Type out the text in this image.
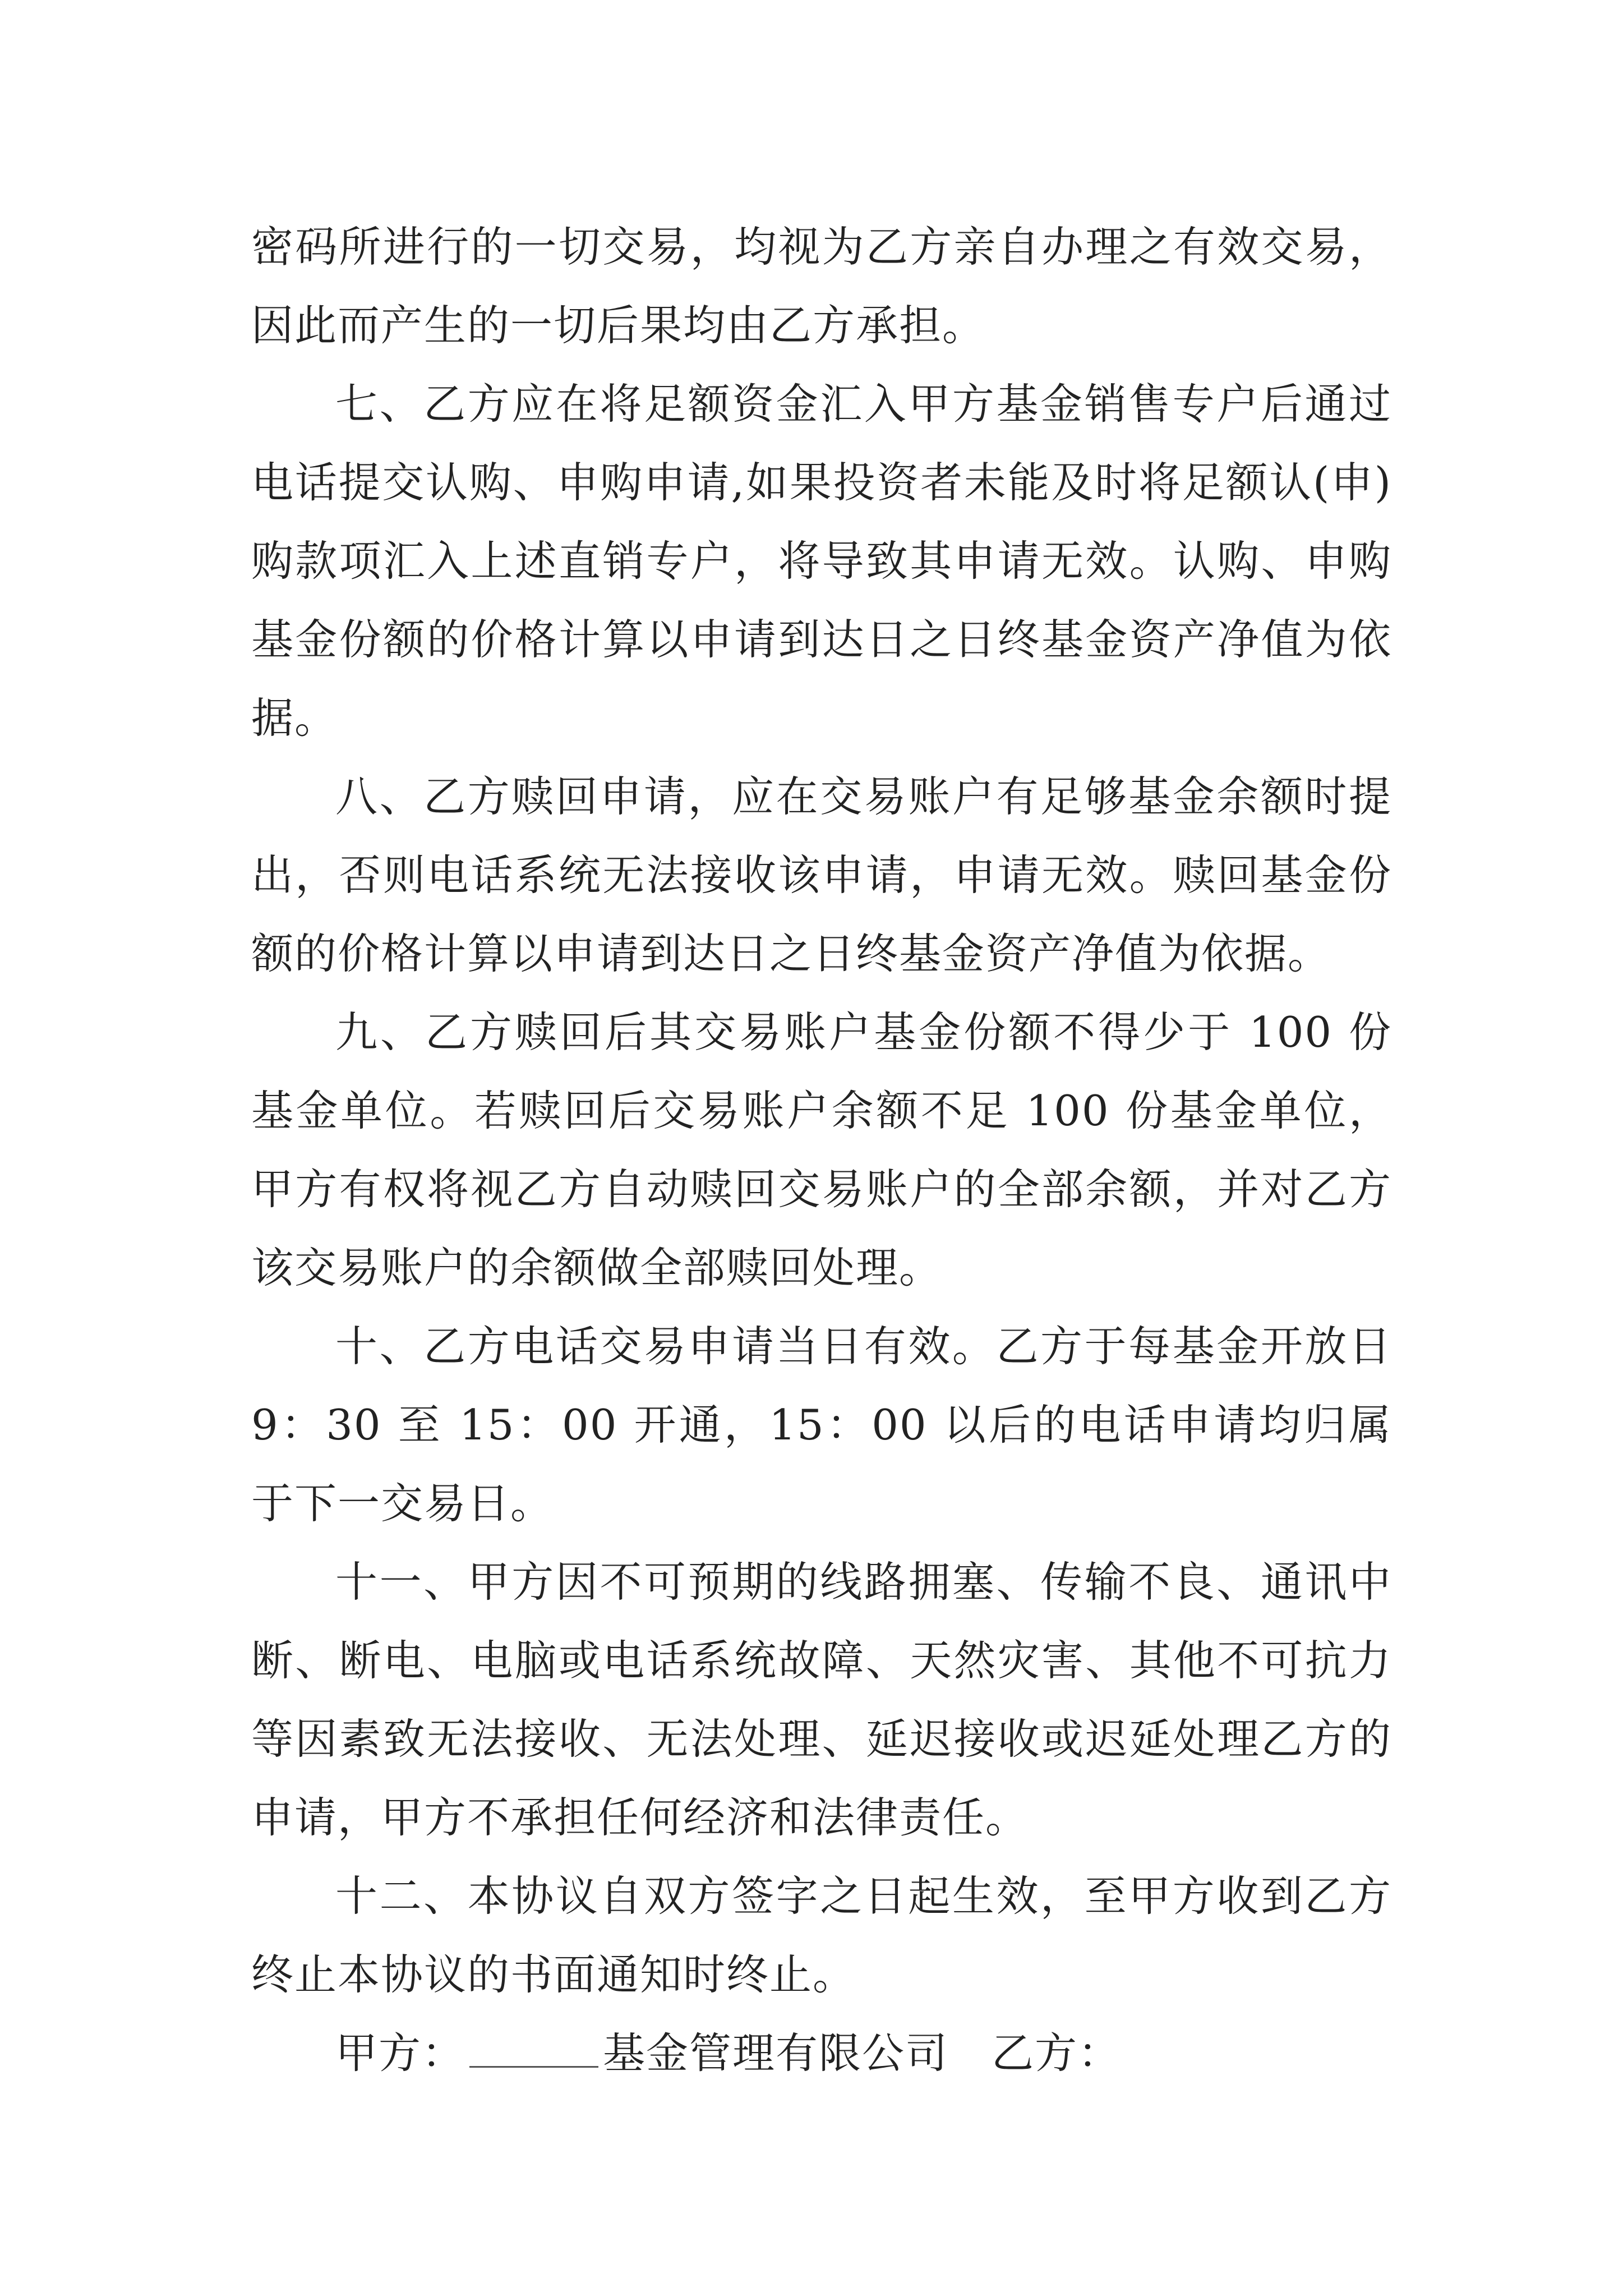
密码所进行的一切交易，均视为乙方亲自办理之有效交易，因此而产生的一切后果均由乙方承担。

七、乙方应在将足额资金汇入甲方基金销售专户后通过电话提交认购、申购申请,如果投资者未能及时将足额认(申)购款项汇入上述直销专户，将导致其申请无效。认购、申购基金份额的价格计算以申请到达日之日终基金资产净值为依据。

八、乙方赎回申请，应在交易账户有足够基金余额时提出，否则电话系统无法接收该申请，申请无效。赎回基金份额的价格计算以申请到达日之日终基金资产净值为依据。

九、乙方赎回后其交易账户基金份额不得少于 100 份基金单位。若赎回后交易账户余额不足 100 份基金单位，甲方有权将视乙方自动赎回交易账户的全部余额，并对乙方该交易账户的余额做全部赎回处理。

十、乙方电话交易申请当日有效。乙方于每基金开放日9：30 至 15：00 开通，15：00 以后的电话申请均归属于下一交易日。

十一、甲方因不可预期的线路拥塞、传输不良、通讯中断、断电、电脑或电话系统故障、天然灾害、其他不可抗力等因素致无法接收、无法处理、延迟接收或迟延处理乙方的申请，甲方不承担任何经济和法律责任。

十二、本协议自双方签字之日起生效，至甲方收到乙方终止本协议的书面通知时终止。

甲方：	基金管理有限公司  乙方：
